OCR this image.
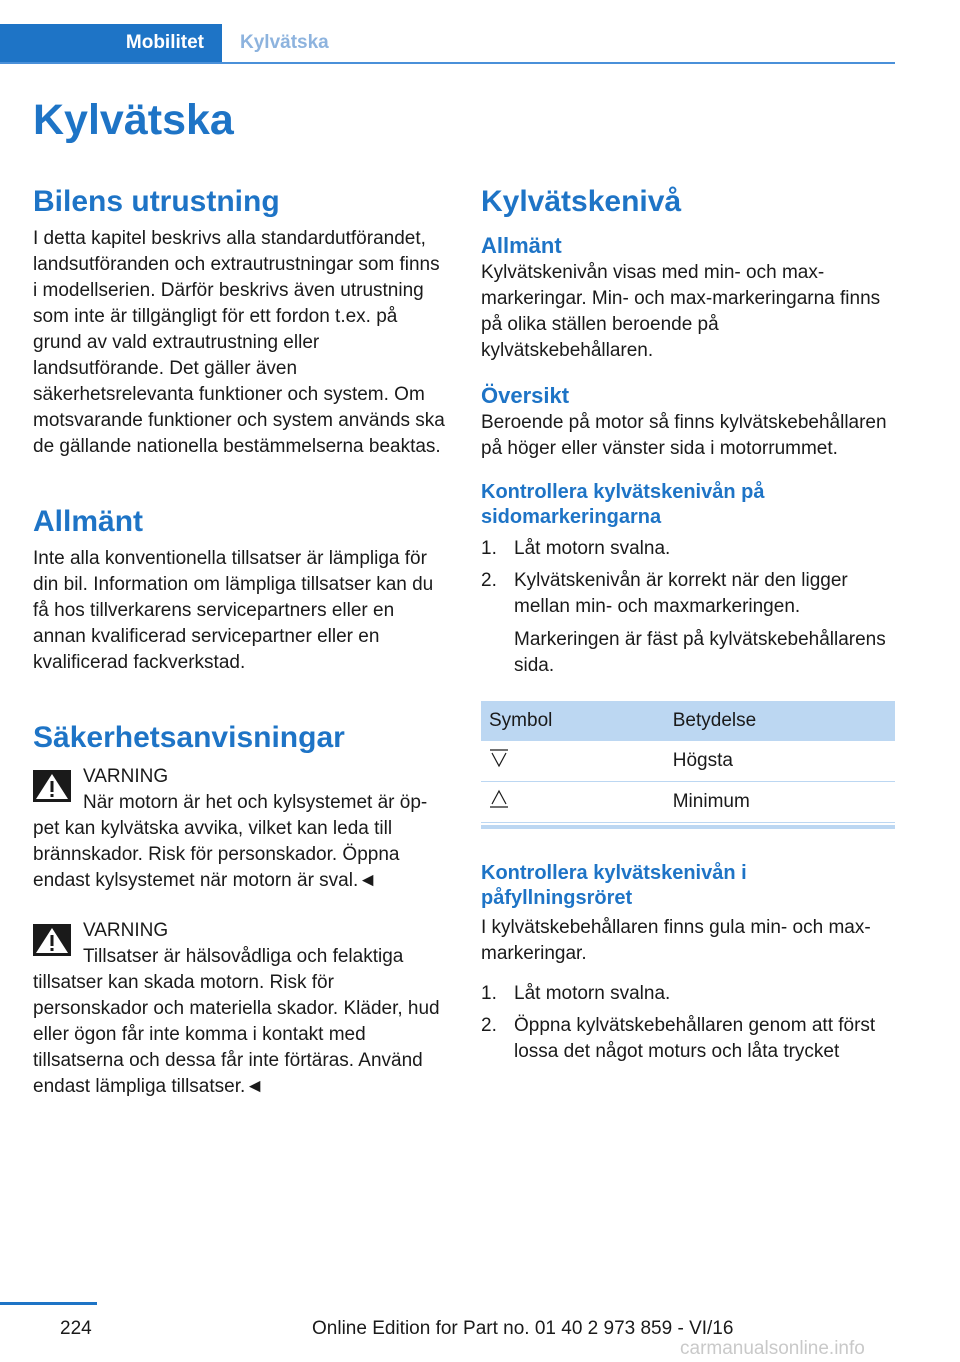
Mobilitet	Kylvätska
Kylvätska
Bilens utrustning

I detta kapitel beskrivs alla standardutförandet, landsutföranden och extrautrustningar som finns i modellserien. Därför beskrivs även utrustning som inte är tillgängligt för ett fordon t.ex. på grund av vald extrautrustning eller landsutförande. Det gäller även säkerhetsrelevanta funktioner och system. Om motsvarande funktioner och system används ska de gällande nationella bestämmelserna beaktas.

Allmänt

Inte alla konventionella tillsatser är lämpliga för din bil. Information om lämpliga tillsatser kan du få hos tillverkarens servicepartners eller en annan kvalificerad servicepartner eller en kvalificerad fackverkstad.

Säkerhetsanvisningar
VARNING

När motorn är het och kylsystemet är öp- pet kan kylvätska avvika, vilket kan leda till brännskador. Risk för personskador. Öppna endast kylsystemet när motorn är sval.◄

VARNING

Tillsatser är hälsovådliga och felaktiga tillsatser kan skada motorn. Risk för personskador och materiella skador. Kläder, hud eller ögon får inte komma i kontakt med tillsatserna och dessa får inte förtäras. Använd endast lämpliga tillsatser.◄

Kylvätskenivå
Allmänt

Kylvätskenivån visas med min- och max-markeringar. Min- och max-markeringarna finns på olika ställen beroende på kylvätskebehållaren.

Översikt

Beroende på motor så finns kylvätskebehållaren på höger eller vänster sida i motorrummet.

Kontrollera kylvätskenivån på sidomarkeringarna
1. Låt motorn svalna.
2. Kylvätskenivån är korrekt när den ligger mellan min- och maxmarkeringen.
Markeringen är fäst på kylvätskebehållarens sida.
Symbol	Betydelse
	Högsta
	Minimum
Kontrollera kylvätskenivån i påfyllningsröret

I kylvätskebehållaren finns gula min- och max-markeringar.

1. Låt motorn svalna.
2. Öppna kylvätskebehållaren genom att först lossa det något moturs och låta trycket
224	Online Edition for Part no. 01 40 2 973 859 - VI/16
carmanualsonline.info
